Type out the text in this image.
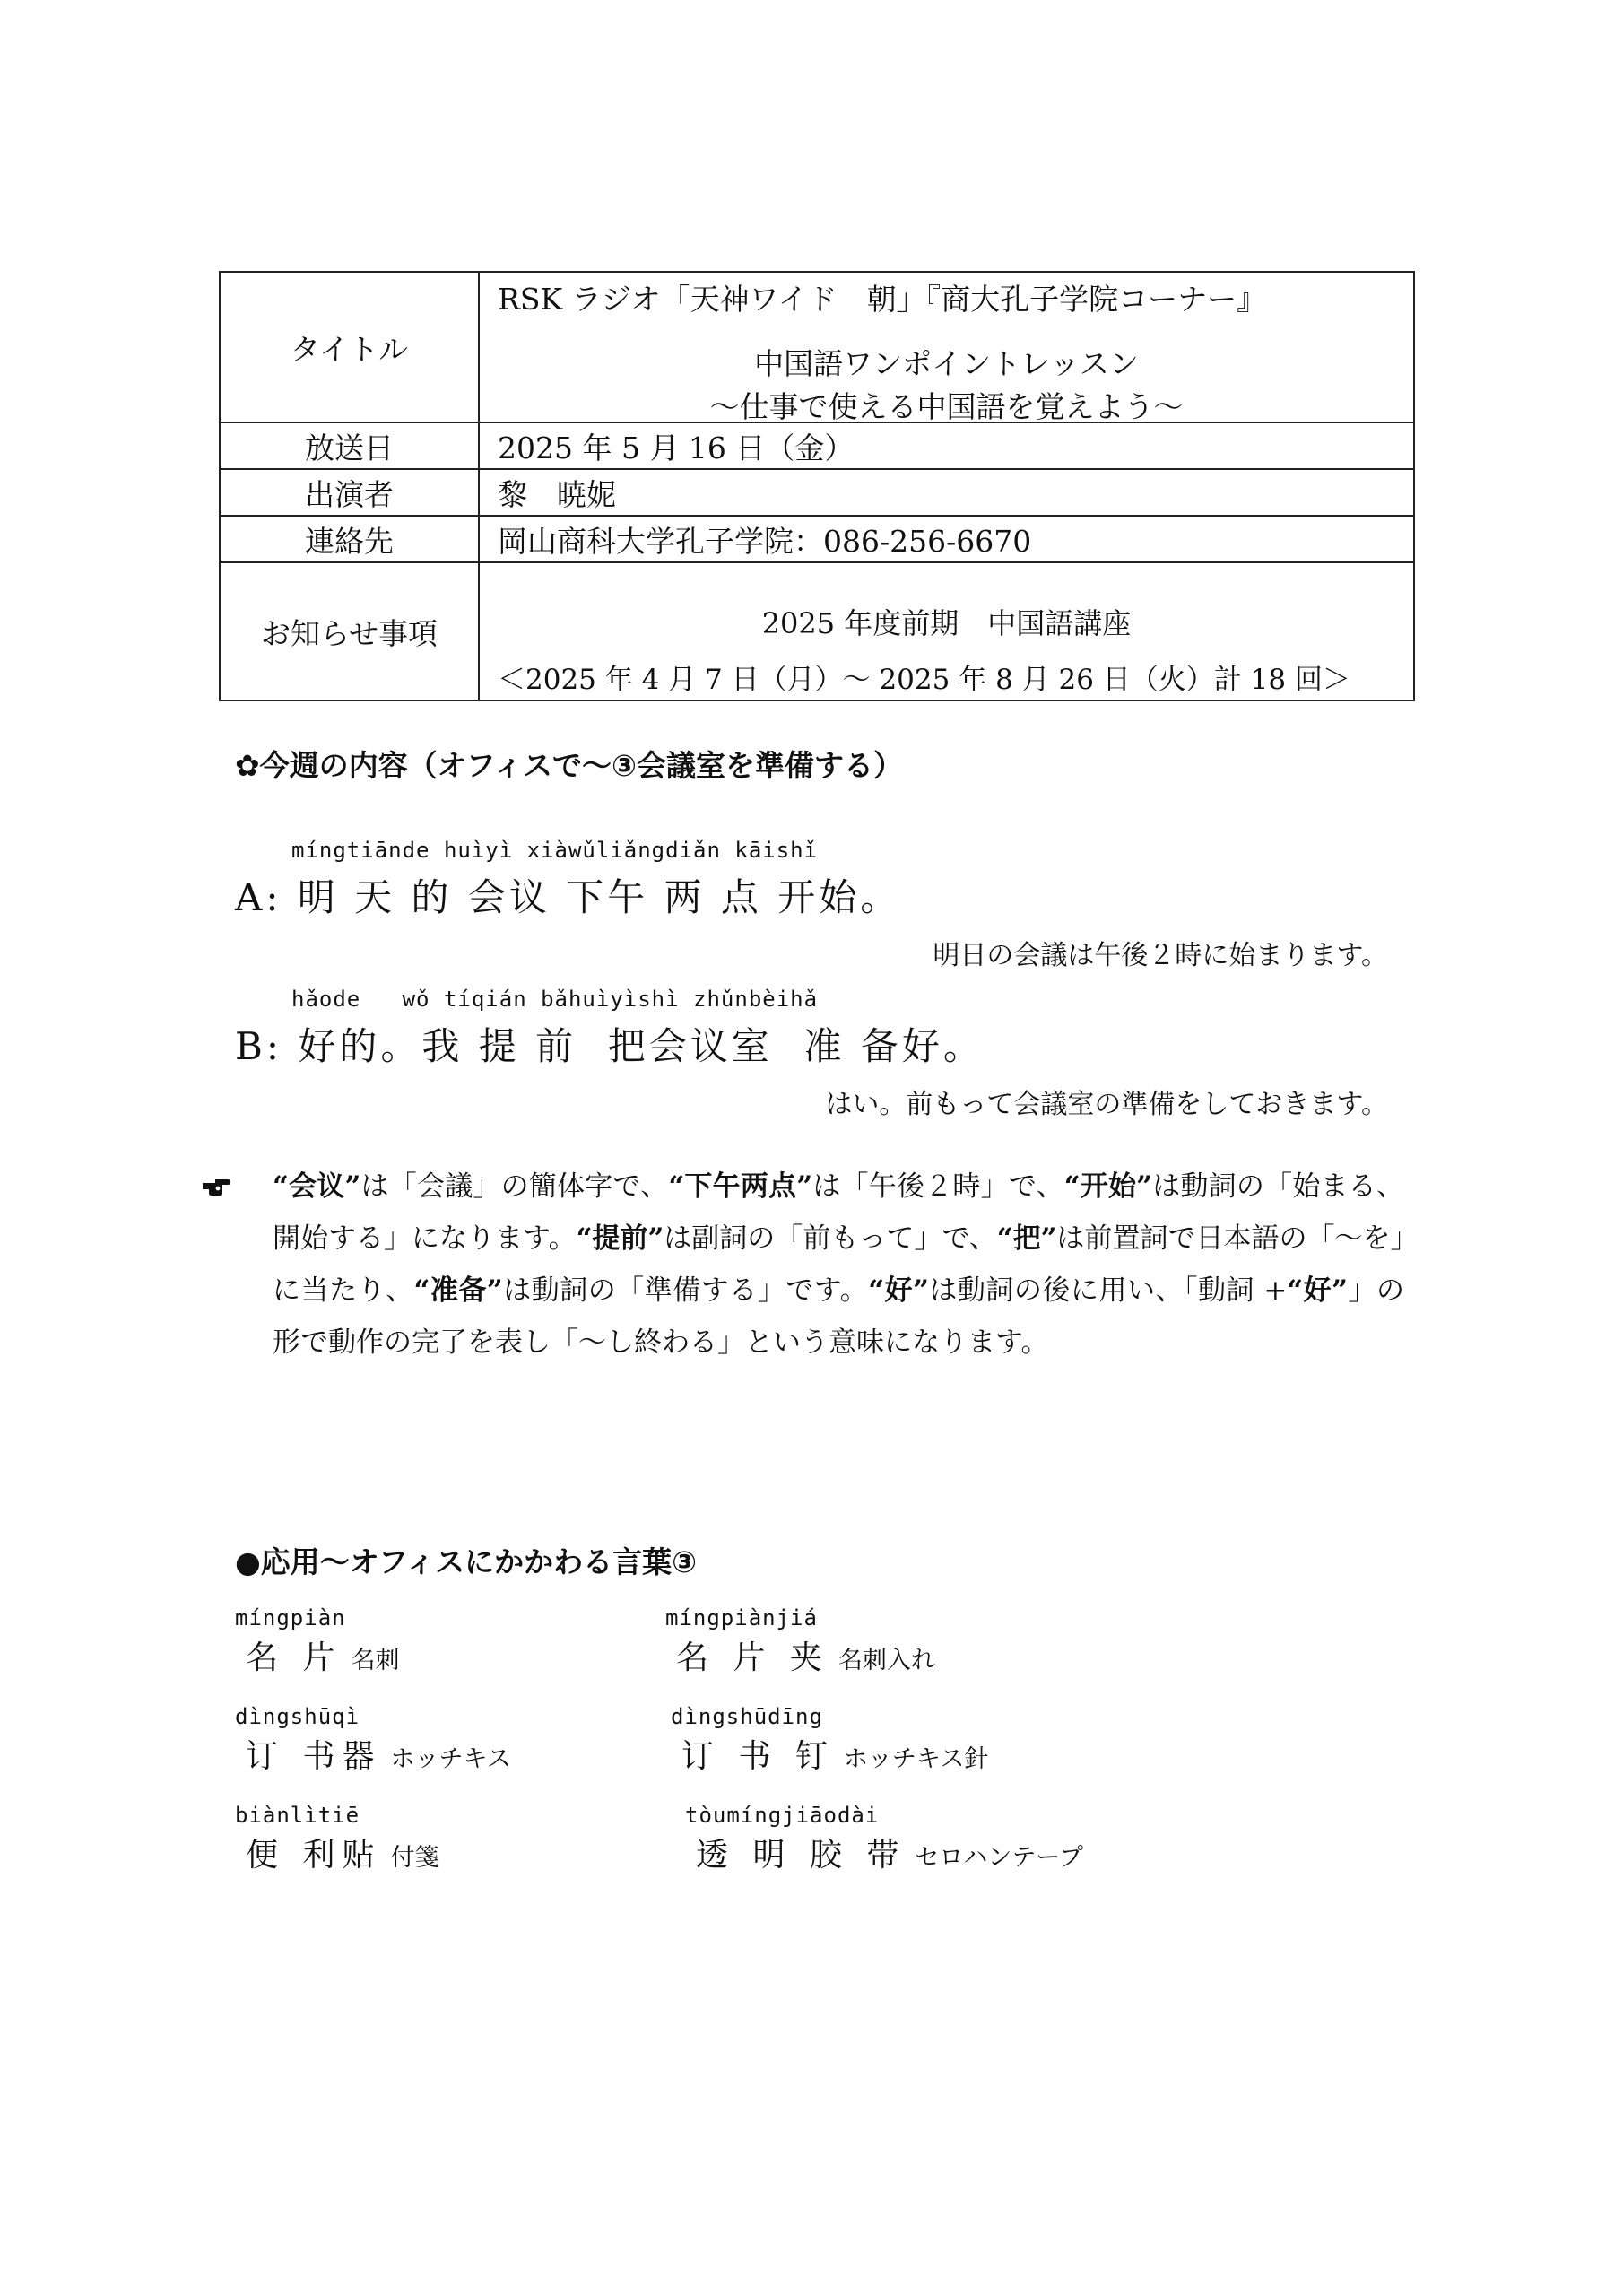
タイトル	RSK ラジオ「天神ワイド　朝」『商大孔子学院コーナー』
中国語ワンポイントレッスン
～仕事で使える中国語を覚えよう～

放送日	2025 年 5 月 16 日（金）
出演者	黎　暁妮
連絡先	岡山商科大学孔子学院：086-256-6670
お知らせ事項	2025 年度前期　中国語講座
＜2025 年 4 月 7 日（月）～ 2025 年 8 月 26 日（火）計 18 回＞
✿今週の内容（オフィスで～③会議室を準備する）
míngtiānde huìyì xiàwǔliǎngdiǎn kāishǐ
A: 明 天 的 会议 下午 两 点 开始。
明日の会議は午後２時に始まります。
hǎode   wǒ tíqián bǎhuìyìshì zhǔnbèihǎ
B: 好的。我 提 前  把会议室  准 备好。
はい。前もって会議室の準備をしておきます。
“会议”は「会議」の簡体字で、“下午两点”は「午後２時」で、“开始”は動詞の「始まる、開始する」になります。“提前”は副詞の「前もって」で、“把”は前置詞で日本語の「～を」に当たり、“准备”は動詞の「準備する」です。“好”は動詞の後に用い、「動詞 +“好”」の形で動作の完了を表し「～し終わる」という意味になります。
●応用～オフィスにかかわる言葉③
míngpiàn
名 片 名刺
míngpiànjiá
名 片 夹 名刺入れ
dìngshūqì
订 书器 ホッチキス
dìngshūdīng
订 书 钉 ホッチキス針
biànlìtiē
便 利贴 付箋
tòumíngjiāodài
透 明 胶 带 セロハンテープ
